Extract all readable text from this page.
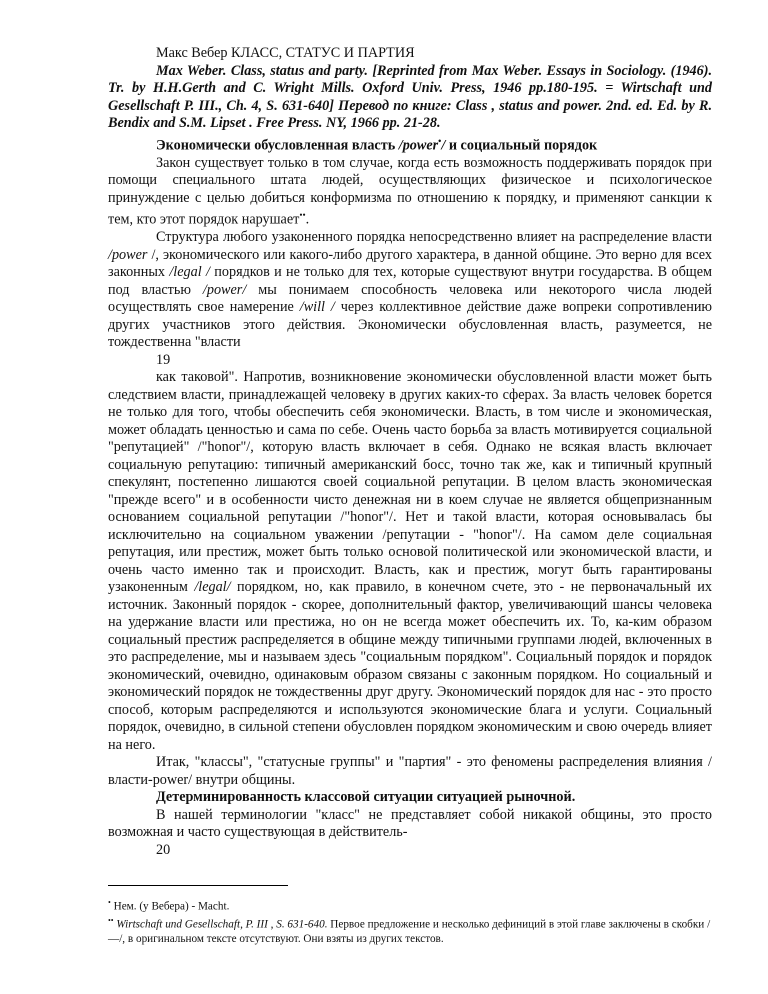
Макс Вебер КЛАСС, СТАТУС И ПАРТИЯ

Max Weber. Class, status and party. [Reprinted from Max Weber. Essays in Sociology. (1946). Tr. by H.H.Gerth and C. Wright Mills. Oxford Univ. Press, 1946 pp.180-195. = Wirtschaft und Gesellschaft P. III., Ch. 4, S. 631-640] Перевод по книге: Class , status and power. 2nd. ed. Ed. by R. Bendix and S.M. Lipset . Free Press. NY, 1966 pp. 21-28.

Экономически обусловленная власть /power•/ и социальный порядок

Закон существует только в том случае, когда есть возможность поддерживать порядок при помощи специального штата людей, осуществляющих физическое и психологическое принуждение с целью добиться конформизма по отношению к порядку, и применяют санкции к тем, кто этот порядок нарушает••.

Структура любого узаконенного порядка непосредственно влияет на распределение власти /power /, экономического или какого-либо другого характера, в данной общине. Это верно для всех законных /legal / порядков и не только для тех, которые существуют внутри государства. В общем под властью /power/ мы понимаем способность человека или некоторого числа людей осуществлять свое намерение /will / через коллективное действие даже вопреки сопротивлению других участников этого действия. Экономически обусловленная власть, разумеется, не тождественна "власти

19

как таковой". Напротив, возникновение экономически обусловленной власти может быть следствием власти, принадлежащей человеку в других каких-то сферах. За власть человек борется не только для того, чтобы обеспечить себя экономически. Власть, в том числе и экономическая, может обладать ценностью и сама по себе. Очень часто борьба за власть мотивируется социальной "репутацией" /"honor"/, которую власть включает в себя. Однако не всякая власть включает социальную репутацию: типичный американский босс, точно так же, как и типичный крупный спекулянт, постепенно лишаются своей социальной репутации. В целом власть экономическая "прежде всего" и в особенности чисто денежная ни в коем случае не является общепризнанным основанием социальной репутации /"honor"/. Нет и такой власти, которая основывалась бы исключительно на социальном уважении /репутации - "honor"/. На самом деле социальная репутация, или престиж, может быть только основой политической или экономической власти, и очень часто именно так и происходит. Власть, как и престиж, могут быть гарантированы узаконенным /legal/ порядком, но, как правило, в конечном счете, это - не первоначальный их источник. Законный порядок - скорее, дополнительный фактор, увеличивающий шансы человека на удержание власти или престижа, но он не всегда может обеспечить их. То, ка-ким образом социальный престиж распределяется в общине между типичными группами людей, включенных в это распределение, мы и называем здесь "социальным порядком". Социальный порядок и порядок экономический, очевидно, одинаковым образом связаны с законным порядком. Но социальный и экономический порядок не тождественны друг другу. Экономический порядок для нас - это просто способ, которым распределяются и используются экономические блага и услуги. Социальный порядок, очевидно, в сильной степени обусловлен порядком экономическим и свою очередь влияет на него.

Итак, "классы", "статусные группы" и "партия" - это феномены распределения влияния /власти-power/ внутри общины.

Детерминированность классовой ситуации ситуацией рыночной.

В нашей терминологии "класс" не представляет собой никакой общины, это просто возможная и часто существующая в действитель-

20

• Нем. (у Вебера) - Macht.

•• Wirtschaft und Gesellschaft, P. III , S. 631-640. Первое предложение и несколько дефиниций в этой главе заключены в скобки /—/, в оригинальном тексте отсутствуют. Они взяты из других текстов.
